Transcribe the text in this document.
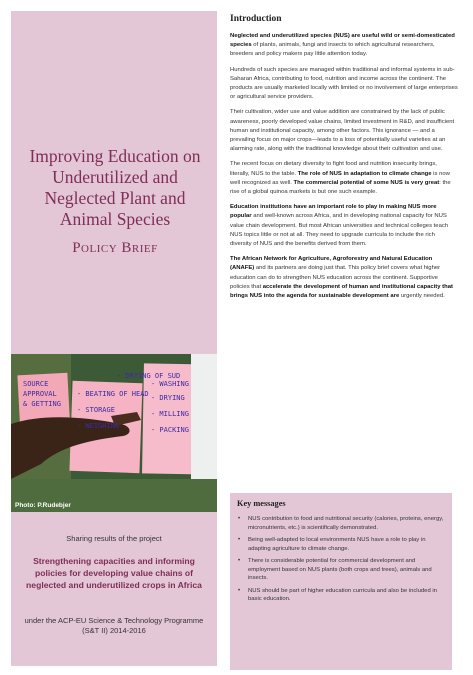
Improving Education on Underutilized and Neglected Plant and Animal Species
Policy Brief
SOURCE
APPROVAL
& GETTING
- BEATING OF HEAD
- STORAGE
- WEIGHING
- DRYING OF SUD
- WASHING
- DRYING
- MILLING
- PACKING
Photo: P.Rudebjer
Sharing results of the project
Strengthening capacities and informing policies for developing value chains of neglected and underutilized crops in Africa
under the ACP-EU Science & Technology Programme (S&T II) 2014-2016
Introduction

Neglected and underutilized species (NUS) are useful wild or semi-domesticated species of plants, animals, fungi and insects to which agricultural researchers, breeders and policy makers pay little attention today.

Hundreds of such species are managed within traditional and informal systems in sub-Saharan Africa, contributing to food, nutrition and income across the continent. The products are usually marketed locally with limited or no involvement of large enterprises or agricultural service providers.

Their cultivation, wider use and value addition are constrained by the lack of public awareness, poorly developed value chains, limited investment in R&D, and insufficient human and institutional capacity, among other factors. This ignorance — and a prevailing focus on major crops—leads to a loss of potentially useful varieties at an alarming rate, along with the traditional knowledge about their cultivation and use.

The recent focus on dietary diversity to fight food and nutrition insecurity brings, literally, NUS to the table. The role of NUS in adaptation to climate change is now well recognized as well. The commercial potential of some NUS is very great: the rise of a global quinoa markets is but one such example.

Education institutions have an important role to play in making NUS more popular and well-known across Africa, and in developing national capacity for NUS value chain development. But most African universities and technical colleges teach NUS topics little or not at all. They need to upgrade curricula to include the rich diversity of NUS and the benefits derived from them.

The African Network for Agriculture, Agroforestry and Natural Education (ANAFE) and its partners are doing just that. This policy brief covers what higher education can do to strengthen NUS education across the continent. Supportive policies that accelerate the development of human and institutional capacity that brings NUS into the agenda for sustainable development are urgently needed.

Key messages
• NUS contribution to food and nutritional security (calories, proteins, energy, micronutrients, etc.) is scientifically demonstrated.
• Being well-adapted to local environments NUS have a role to play in adapting agriculture to climate change.
• There is considerable potential for commercial development and employment based on NUS plants (both crops and trees), animals and insects.
• NUS should be part of higher education curricula and also be included in basic education.
